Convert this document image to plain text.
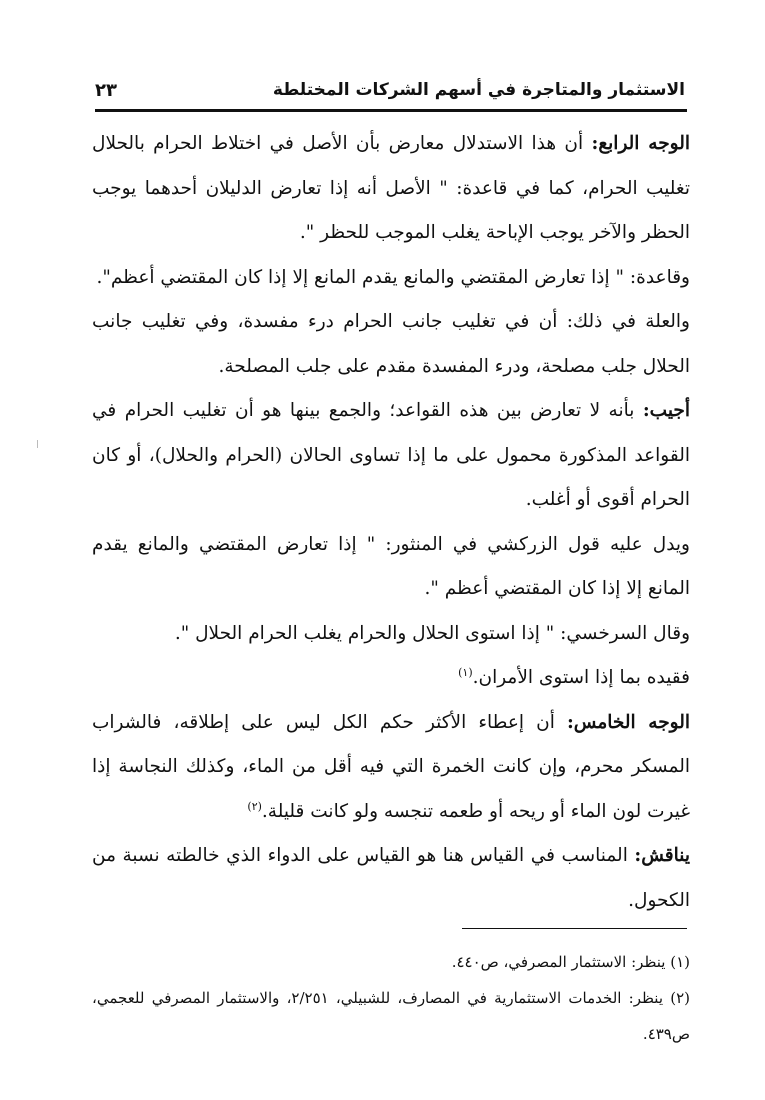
الاستثمار والمتاجرة في أسهم الشركات المختلطة
٢٣

الوجه الرابع: أن هذا الاستدلال معارض بأن الأصل في اختلاط الحرام بالحلال تغليب الحرام، كما في قاعدة: " الأصل أنه إذا تعارض الدليلان أحدهما يوجب الحظر والآخر يوجب الإباحة يغلب الموجب للحظر ".

وقاعدة: " إذا تعارض المقتضي والمانع يقدم المانع إلا إذا كان المقتضي أعظم".

والعلة في ذلك: أن في تغليب جانب الحرام درء مفسدة، وفي تغليب جانب الحلال جلب مصلحة، ودرء المفسدة مقدم على جلب المصلحة.

أجيب: بأنه لا تعارض بين هذه القواعد؛ والجمع بينها هو أن تغليب الحرام في القواعد المذكورة محمول على ما إذا تساوى الحالان (الحرام والحلال)، أو كان الحرام أقوى أو أغلب.

ويدل عليه قول الزركشي في المنثور: " إذا تعارض المقتضي والمانع يقدم المانع إلا إذا كان المقتضي أعظم ".

وقال السرخسي: " إذا استوى الحلال والحرام يغلب الحرام الحلال ".

فقيده بما إذا استوى الأمران.$^{(١)}$

الوجه الخامس: أن إعطاء الأكثر حكم الكل ليس على إطلاقه، فالشراب المسكر محرم، وإن كانت الخمرة التي فيه أقل من الماء، وكذلك النجاسة إذا غيرت لون الماء أو ريحه أو طعمه تنجسه ولو كانت قليلة.$^{(٢)}$

يناقش: المناسب في القياس هنا هو القياس على الدواء الذي خالطته نسبة من الكحول.

(١) ينظر: الاستثمار المصرفي، ص٤٤٠.

(٢) ينظر: الخدمات الاستثمارية في المصارف، للشبيلي، ٢/٢٥١، والاستثمار المصرفي للعجمي، ص٤٣٩.
